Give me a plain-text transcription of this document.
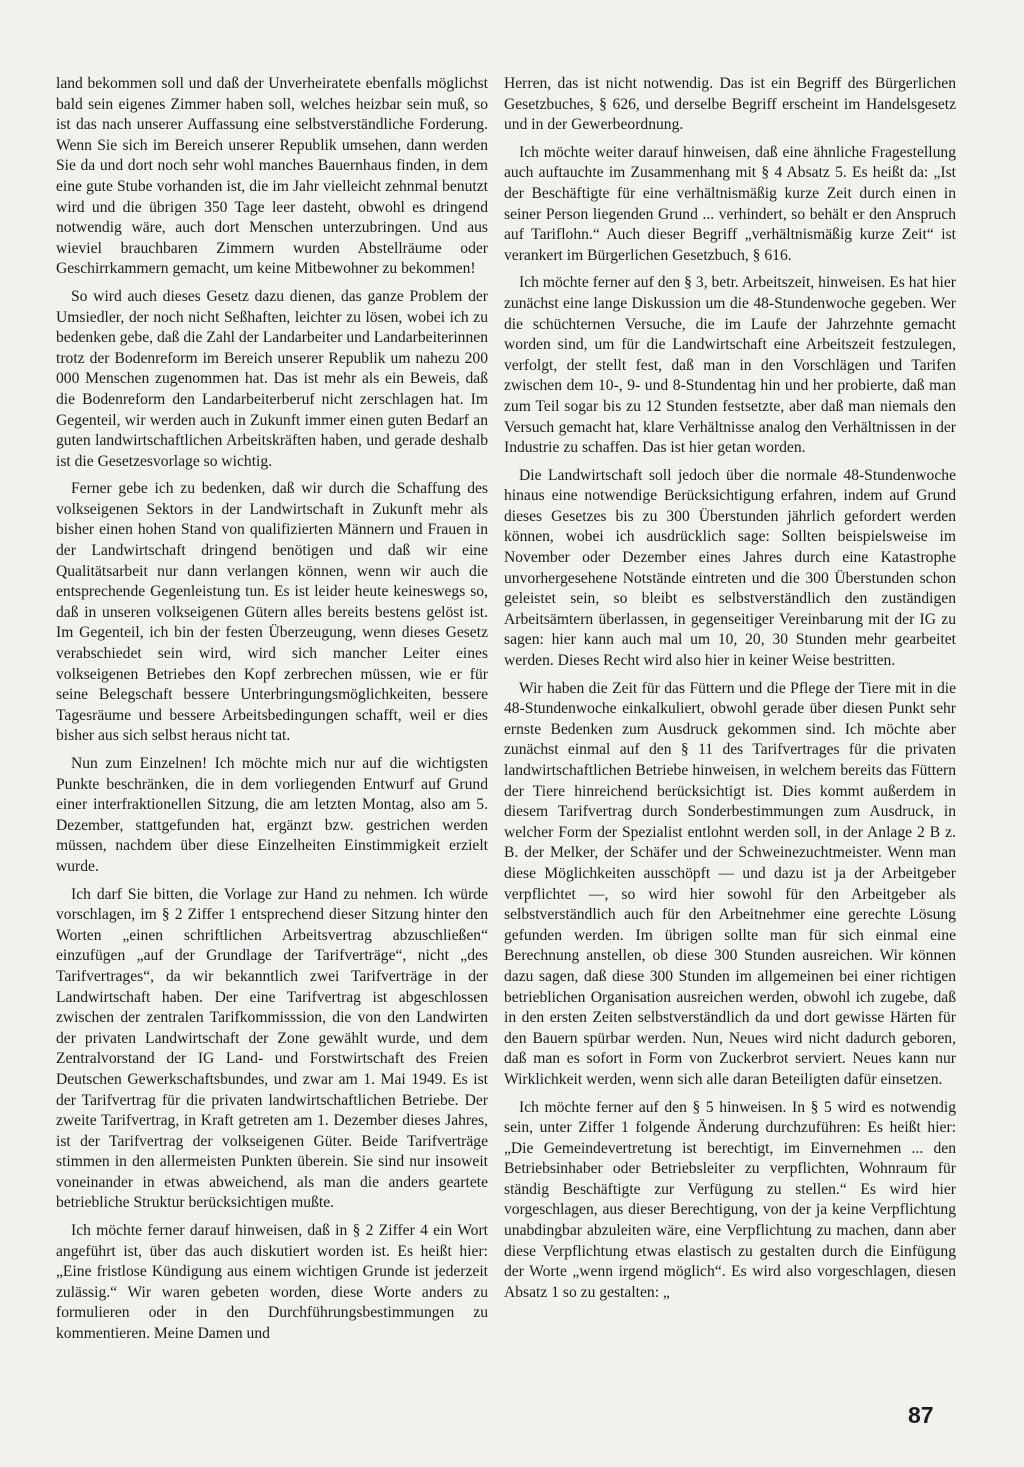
land bekommen soll und daß der Unverheiratete ebenfalls möglichst bald sein eigenes Zimmer haben soll, welches heizbar sein muß, so ist das nach unserer Auffassung eine selbstverständliche Forderung. Wenn Sie sich im Bereich unserer Republik umsehen, dann werden Sie da und dort noch sehr wohl manches Bauernhaus finden, in dem eine gute Stube vorhanden ist, die im Jahr vielleicht zehnmal benutzt wird und die übrigen 350 Tage leer dasteht, obwohl es dringend notwendig wäre, auch dort Menschen unterzubringen. Und aus wieviel brauchbaren Zimmern wurden Abstellräume oder Geschirrkammern gemacht, um keine Mitbewohner zu bekommen!

So wird auch dieses Gesetz dazu dienen, das ganze Problem der Umsiedler, der noch nicht Seßhaften, leichter zu lösen, wobei ich zu bedenken gebe, daß die Zahl der Landarbeiter und Landarbeiterinnen trotz der Bodenreform im Bereich unserer Republik um nahezu 200 000 Menschen zugenommen hat. Das ist mehr als ein Beweis, daß die Bodenreform den Landarbeiterberuf nicht zerschlagen hat. Im Gegenteil, wir werden auch in Zukunft immer einen guten Bedarf an guten landwirtschaftlichen Arbeitskräften haben, und gerade deshalb ist die Gesetzesvorlage so wichtig.

Ferner gebe ich zu bedenken, daß wir durch die Schaffung des volkseigenen Sektors in der Landwirtschaft in Zukunft mehr als bisher einen hohen Stand von qualifizierten Männern und Frauen in der Landwirtschaft dringend benötigen und daß wir eine Qualitätsarbeit nur dann verlangen können, wenn wir auch die entsprechende Gegenleistung tun. Es ist leider heute keineswegs so, daß in unseren volkseigenen Gütern alles bereits bestens gelöst ist. Im Gegenteil, ich bin der festen Überzeugung, wenn dieses Gesetz verabschiedet sein wird, wird sich mancher Leiter eines volkseigenen Betriebes den Kopf zerbrechen müssen, wie er für seine Belegschaft bessere Unterbringungsmöglichkeiten, bessere Tagesräume und bessere Arbeitsbedingungen schafft, weil er dies bisher aus sich selbst heraus nicht tat.

Nun zum Einzelnen! Ich möchte mich nur auf die wichtigsten Punkte beschränken, die in dem vorliegenden Entwurf auf Grund einer interfraktionellen Sitzung, die am letzten Montag, also am 5. Dezember, stattgefunden hat, ergänzt bzw. gestrichen werden müssen, nachdem über diese Einzelheiten Einstimmigkeit erzielt wurde.

Ich darf Sie bitten, die Vorlage zur Hand zu nehmen. Ich würde vorschlagen, im § 2 Ziffer 1 entsprechend dieser Sitzung hinter den Worten „einen schriftlichen Arbeitsvertrag abzuschließen“ einzufügen „auf der Grundlage der Tarifverträge“, nicht „des Tarifvertrages“, da wir bekanntlich zwei Tarifverträge in der Landwirtschaft haben. Der eine Tarifvertrag ist abgeschlossen zwischen der zentralen Tarifkommisssion, die von den Landwirten der privaten Landwirtschaft der Zone gewählt wurde, und dem Zentralvorstand der IG Land- und Forstwirtschaft des Freien Deutschen Gewerkschaftsbundes, und zwar am 1. Mai 1949. Es ist der Tarifvertrag für die privaten landwirtschaftlichen Betriebe. Der zweite Tarifvertrag, in Kraft getreten am 1. Dezember dieses Jahres, ist der Tarifvertrag der volkseigenen Güter. Beide Tarifverträge stimmen in den allermeisten Punkten überein. Sie sind nur insoweit voneinander in etwas abweichend, als man die anders geartete betriebliche Struktur berücksichtigen mußte.

Ich möchte ferner darauf hinweisen, daß in § 2 Ziffer 4 ein Wort angeführt ist, über das auch diskutiert worden ist. Es heißt hier: „Eine fristlose Kündigung aus einem wichtigen Grunde ist jederzeit zulässig.“ Wir waren gebeten worden, diese Worte anders zu formulieren oder in den Durchführungsbestimmungen zu kommentieren. Meine Damen und

Herren, das ist nicht notwendig. Das ist ein Begriff des Bürgerlichen Gesetzbuches, § 626, und derselbe Begriff erscheint im Handelsgesetz und in der Gewerbeordnung.

Ich möchte weiter darauf hinweisen, daß eine ähnliche Fragestellung auch auftauchte im Zusammenhang mit § 4 Absatz 5. Es heißt da: „Ist der Beschäftigte für eine verhältnismäßig kurze Zeit durch einen in seiner Person liegenden Grund ... verhindert, so behält er den Anspruch auf Tariflohn.“ Auch dieser Begriff „verhältnismäßig kurze Zeit“ ist verankert im Bürgerlichen Gesetzbuch, § 616.

Ich möchte ferner auf den § 3, betr. Arbeitszeit, hinweisen. Es hat hier zunächst eine lange Diskussion um die 48-Stundenwoche gegeben. Wer die schüchternen Versuche, die im Laufe der Jahrzehnte gemacht worden sind, um für die Landwirtschaft eine Arbeitszeit festzulegen, verfolgt, der stellt fest, daß man in den Vorschlägen und Tarifen zwischen dem 10-, 9- und 8-Stundentag hin und her probierte, daß man zum Teil sogar bis zu 12 Stunden festsetzte, aber daß man niemals den Versuch gemacht hat, klare Verhältnisse analog den Verhältnissen in der Industrie zu schaffen. Das ist hier getan worden.

Die Landwirtschaft soll jedoch über die normale 48-Stundenwoche hinaus eine notwendige Berücksichtigung erfahren, indem auf Grund dieses Gesetzes bis zu 300 Überstunden jährlich gefordert werden können, wobei ich ausdrücklich sage: Sollten beispielsweise im November oder Dezember eines Jahres durch eine Katastrophe unvorhergesehene Notstände eintreten und die 300 Überstunden schon geleistet sein, so bleibt es selbstverständlich den zuständigen Arbeitsämtern überlassen, in gegenseitiger Vereinbarung mit der IG zu sagen: hier kann auch mal um 10, 20, 30 Stunden mehr gearbeitet werden. Dieses Recht wird also hier in keiner Weise bestritten.

Wir haben die Zeit für das Füttern und die Pflege der Tiere mit in die 48-Stundenwoche einkalkuliert, obwohl gerade über diesen Punkt sehr ernste Bedenken zum Ausdruck gekommen sind. Ich möchte aber zunächst einmal auf den § 11 des Tarifvertrages für die privaten landwirtschaftlichen Betriebe hinweisen, in welchem bereits das Füttern der Tiere hinreichend berücksichtigt ist. Dies kommt außerdem in diesem Tarifvertrag durch Sonderbestimmungen zum Ausdruck, in welcher Form der Spezialist entlohnt werden soll, in der Anlage 2 B z. B. der Melker, der Schäfer und der Schweinezuchtmeister. Wenn man diese Möglichkeiten ausschöpft — und dazu ist ja der Arbeitgeber verpflichtet —, so wird hier sowohl für den Arbeitgeber als selbstverständlich auch für den Arbeitnehmer eine gerechte Lösung gefunden werden. Im übrigen sollte man für sich einmal eine Berechnung anstellen, ob diese 300 Stunden ausreichen. Wir können dazu sagen, daß diese 300 Stunden im allgemeinen bei einer richtigen betrieblichen Organisation ausreichen werden, obwohl ich zugebe, daß in den ersten Zeiten selbstverständlich da und dort gewisse Härten für den Bauern spürbar werden. Nun, Neues wird nicht dadurch geboren, daß man es sofort in Form von Zuckerbrot serviert. Neues kann nur Wirklichkeit werden, wenn sich alle daran Beteiligten dafür einsetzen.

Ich möchte ferner auf den § 5 hinweisen. In § 5 wird es notwendig sein, unter Ziffer 1 folgende Änderung durchzuführen: Es heißt hier: „Die Gemeindevertretung ist berechtigt, im Einvernehmen ... den Betriebsinhaber oder Betriebsleiter zu verpflichten, Wohnraum für ständig Beschäftigte zur Verfügung zu stellen.“ Es wird hier vorgeschlagen, aus dieser Berechtigung, von der ja keine Verpflichtung unabdingbar abzuleiten wäre, eine Verpflichtung zu machen, dann aber diese Verpflichtung etwas elastisch zu gestalten durch die Einfügung der Worte „wenn irgend möglich“. Es wird also vorgeschlagen, diesen Absatz 1 so zu gestalten: „

87
